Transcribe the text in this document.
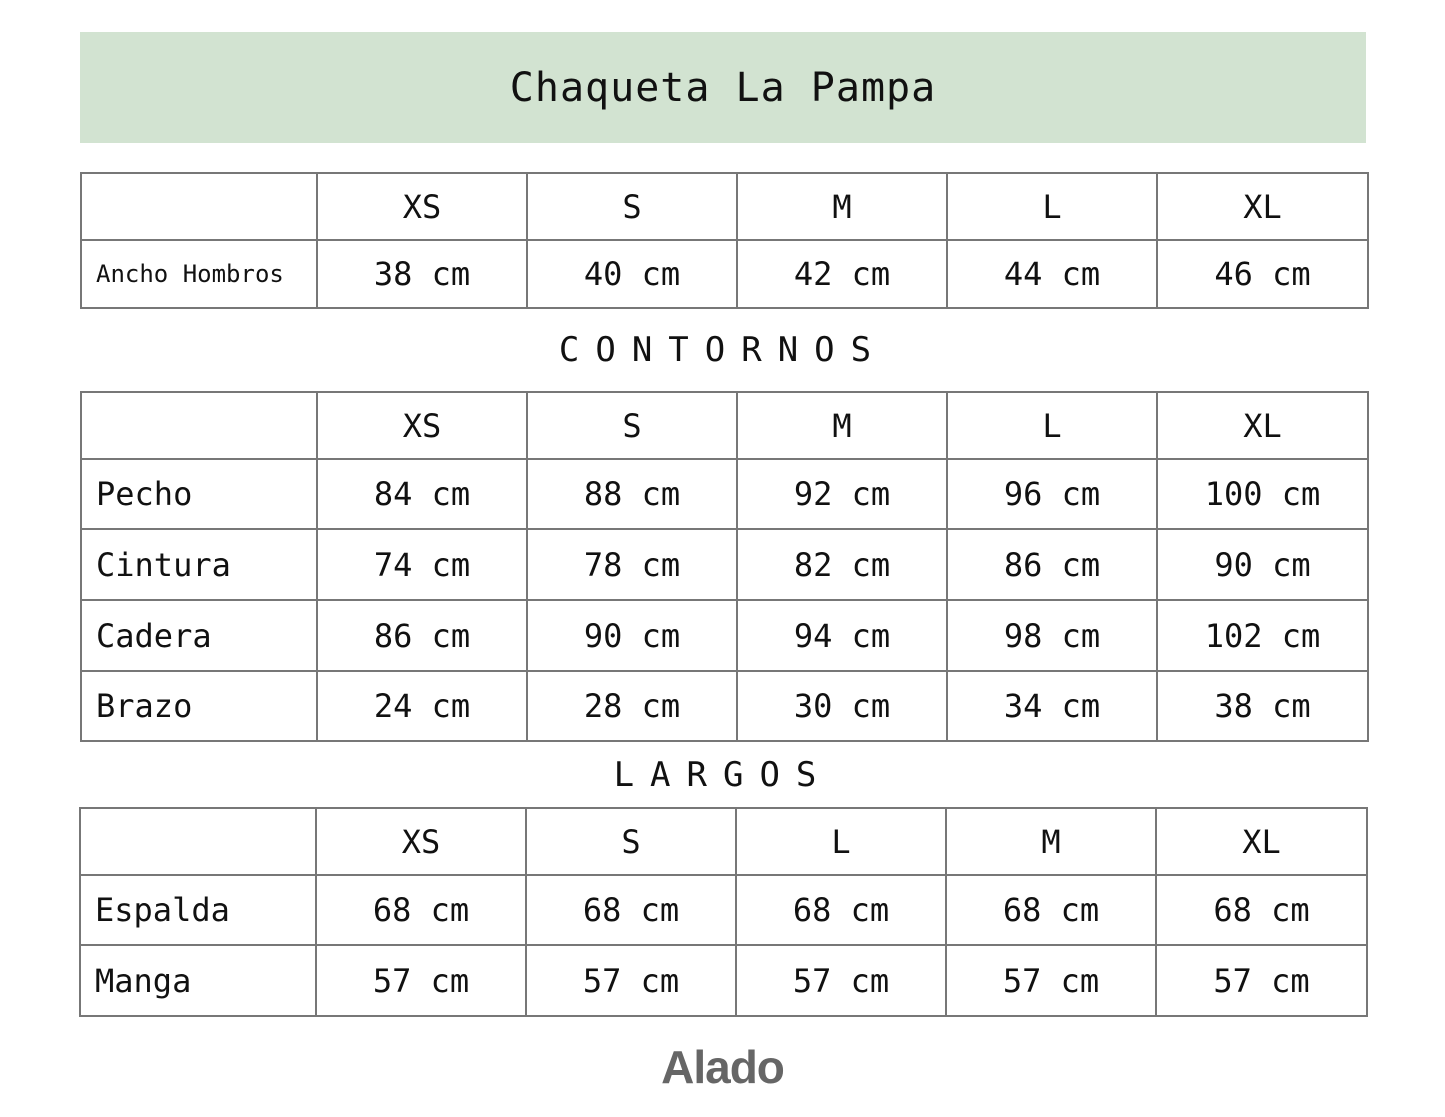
Chaqueta La Pampa
	XS	S	M	L	XL
Ancho Hombros	38 cm	40 cm	42 cm	44 cm	46 cm
CONTORNOS
	XS	S	M	L	XL
Pecho	84 cm	88 cm	92 cm	96 cm	100 cm
Cintura	74 cm	78 cm	82 cm	86 cm	90 cm
Cadera	86 cm	90 cm	94 cm	98 cm	102 cm
Brazo	24 cm	28 cm	30 cm	34 cm	38 cm
LARGOS
	XS	S	L	M	XL
Espalda	68 cm	68 cm	68 cm	68 cm	68 cm
Manga	57 cm	57 cm	57 cm	57 cm	57 cm
Alado
